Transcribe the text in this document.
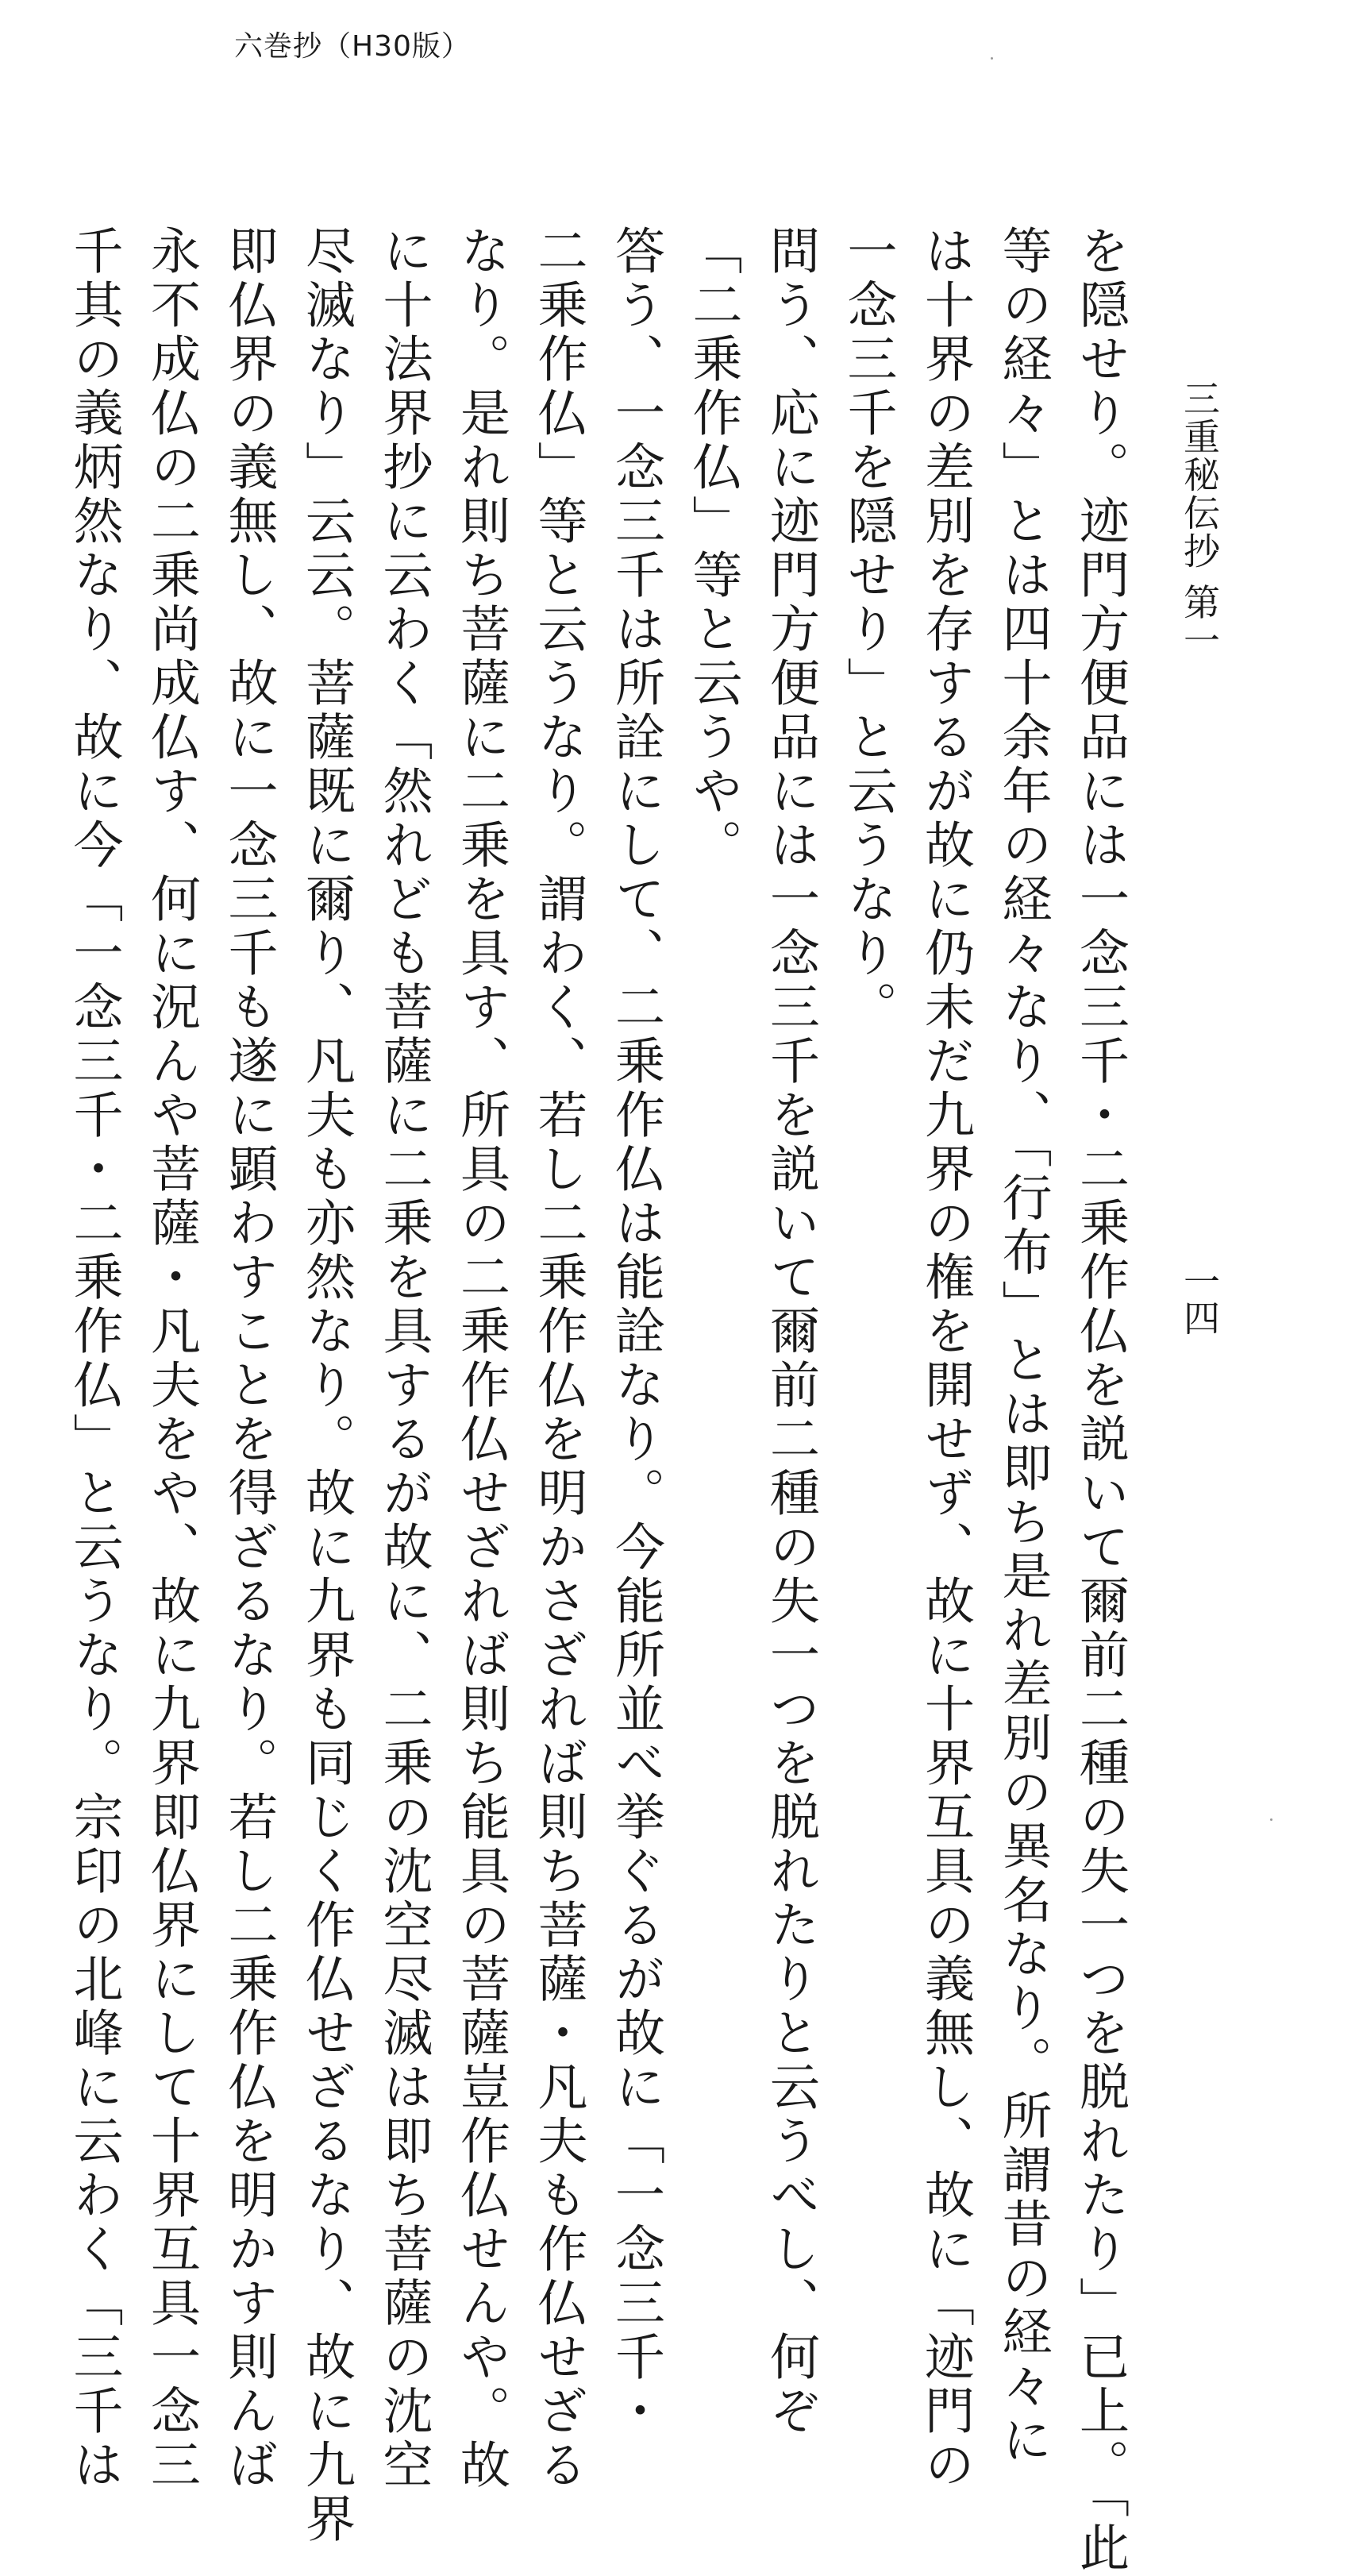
六巻抄（H30版）
三重秘伝抄 第一
一四
を隠せり。迹門方便品には一念三千・二乗作仏を説いて爾前二種の失一つを脱れたり」已上。「此
等の経々」とは四十余年の経々なり、「行布」とは即ち是れ差別の異名なり。所謂昔の経々に
は十界の差別を存するが故に仍未だ九界の権を開せず、故に十界互具の義無し、故に「迹門の
一念三千を隠せり」と云うなり。
問う、応に迹門方便品には一念三千を説いて爾前二種の失一つを脱れたりと云うべし、何ぞ
「二乗作仏」等と云うや。
答う、一念三千は所詮にして、二乗作仏は能詮なり。今能所並べ挙ぐるが故に「一念三千・
二乗作仏」等と云うなり。謂わく、若し二乗作仏を明かさざれば則ち菩薩・凡夫も作仏せざる
なり。是れ則ち菩薩に二乗を具す、所具の二乗作仏せざれば則ち能具の菩薩豈作仏せんや。故
に十法界抄に云わく「然れども菩薩に二乗を具するが故に、二乗の沈空尽滅は即ち菩薩の沈空
尽滅なり」云云。菩薩既に爾り、凡夫も亦然なり。故に九界も同じく作仏せざるなり、故に九界
即仏界の義無し、故に一念三千も遂に顕わすことを得ざるなり。若し二乗作仏を明かす則んば
永不成仏の二乗尚成仏す、何に況んや菩薩・凡夫をや、故に九界即仏界にして十界互具一念三
千其の義炳然なり、故に今「一念三千・二乗作仏」と云うなり。宗印の北峰に云わく「三千は
